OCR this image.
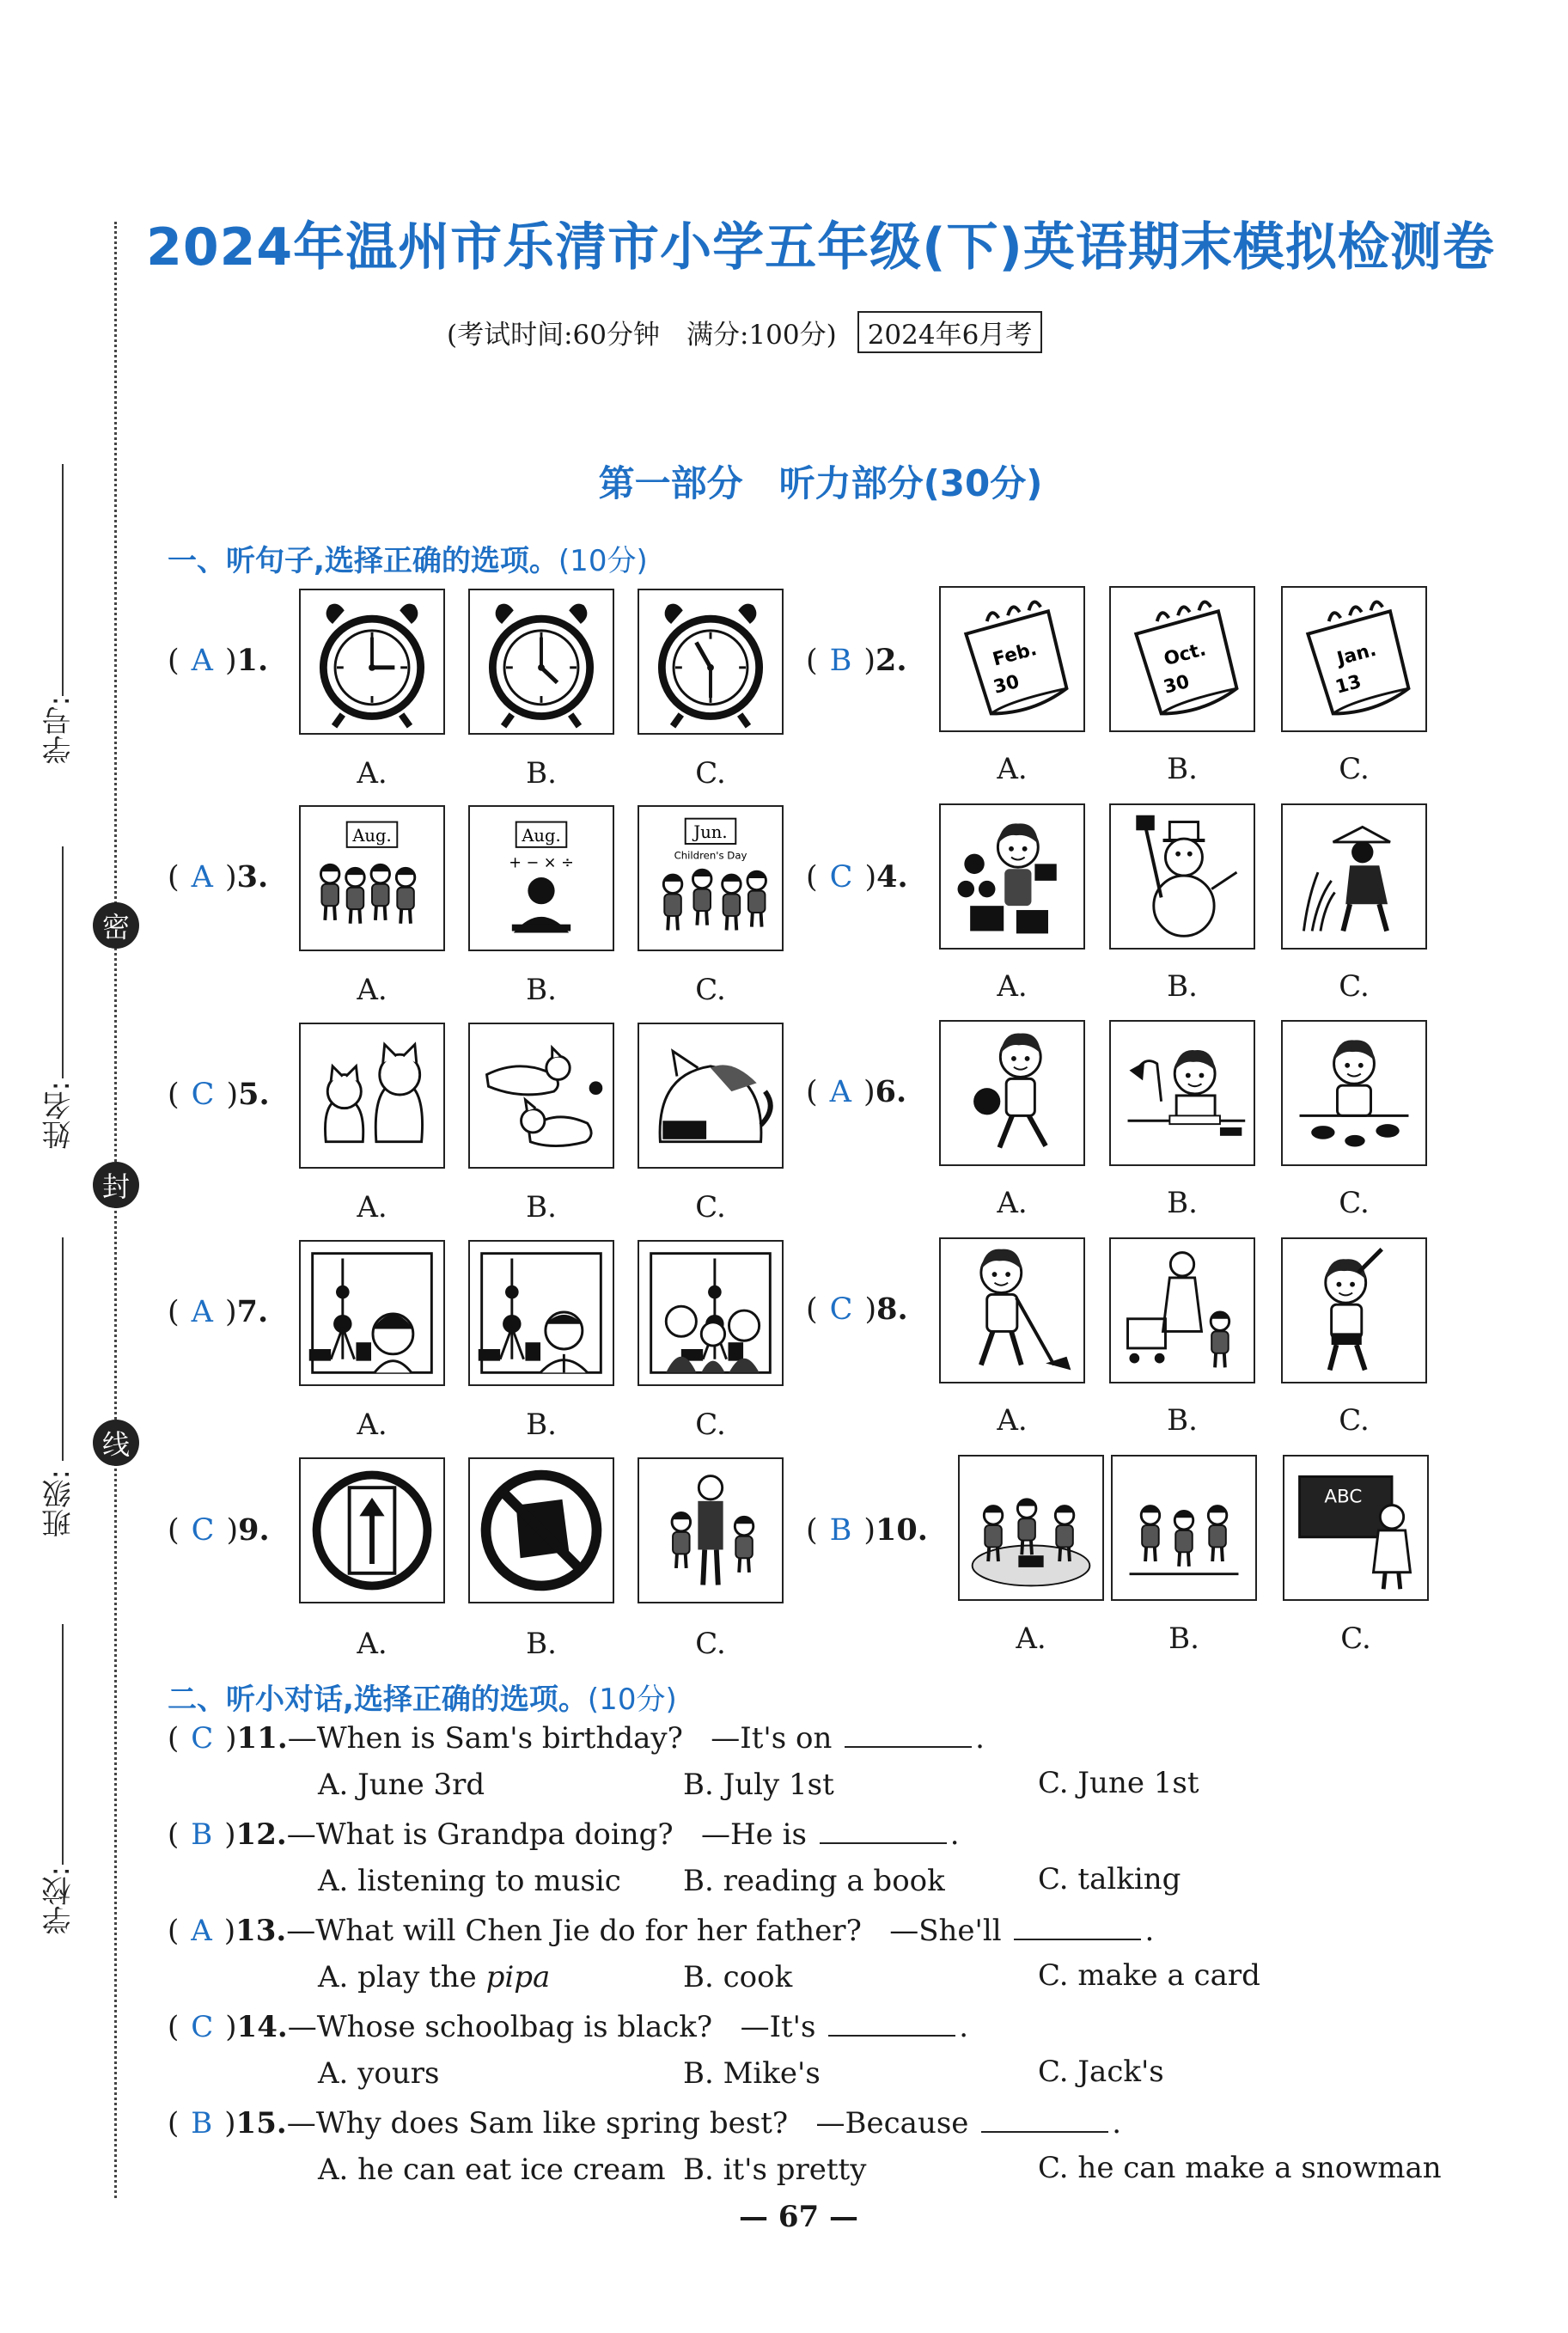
学号:
姓名:
班级:
学校:
密
封
线
2024年温州市乐清市小学五年级(下)英语期末模拟检测卷
(考试时间:60分钟　满分:100分) 2024年6月考
第一部分　听力部分(30分)
一、听句子,选择正确的选项。(10分)
( A )1.
A.	B.	C.
( B )2.	Feb.
30
Oct.
30
Jan.
13
A.	B.	C.
( A )3.
Aug.	Aug.
+ − × ÷
Jun.
Children's Day
A.	B.	C.
( C )4.
A.	B.	C.
( C )5.
A.	B.	C.
( A )6.
A.	B.	C.
( A )7.
A.	B.	C.
( C )8.
A.	B.	C.
( C )9.
A.	B.	C.
( B )10.
ABC
A.	B.	C.
二、听小对话,选择正确的选项。(10分)
( C )11.—When is Sam's birthday? —It's on	.
A. June 3rd	B. July 1st	C. June 1st
( B )12.—What is Grandpa doing? —He is	.
A. listening to music B. reading a book	C. talking
( A )13.—What will Chen Jie do for her father? —She'll	.
A. play the pipa	B. cook	C. make a card
( C )14.—Whose schoolbag is black? —It's	.
A. yours	B. Mike's	C. Jack's
( B )15.—Why does Sam like spring best? —Because	.
A. he can eat ice cream B. it's pretty	C. he can make a snowman
— 67 —
